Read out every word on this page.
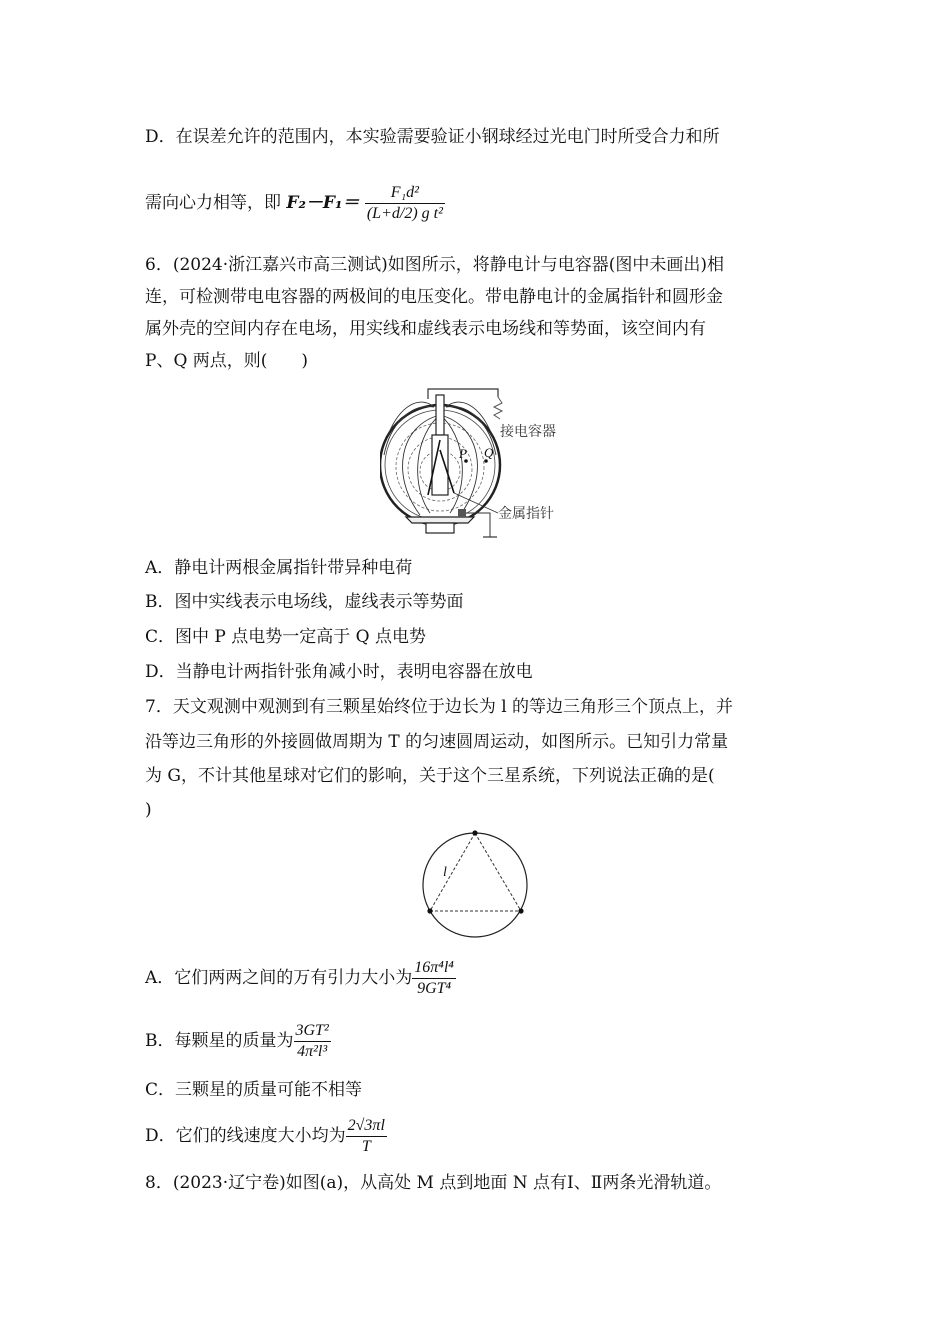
D．在误差允许的范围内，本实验需要验证小钢球经过光电门时所受合力和所
需向心力相等，即 $F_2-F_1= \frac{\text{F₁d²}}{\text{(L+d/2) g t²}}$
6．(2024·浙江嘉兴市高三测试)如图所示，将静电计与电容器(图中未画出)相
连，可检测带电电容器的两极间的电压变化。带电静电计的金属指针和圆形金
属外壳的空间内存在电场，用实线和虚线表示电场线和等势面，该空间内有
P、Q 两点，则(　　)
接电容器
P Q
金属指针
A．静电计两根金属指针带异种电荷
B．图中实线表示电场线，虚线表示等势面
C．图中 P 点电势一定高于 Q 点电势
D．当静电计两指针张角减小时，表明电容器在放电
7．天文观测中观测到有三颗星始终位于边长为 l 的等边三角形三个顶点上，并
沿等边三角形的外接圆做周期为 T 的匀速圆周运动，如图所示。已知引力常量
为 G，不计其他星球对它们的影响，关于这个三星系统，下列说法正确的是(
)
l
A．它们两两之间的万有引力大小为 $\frac{\text{16π⁴l⁴}}{\text{9GT⁴}}$
B．每颗星的质量为 $\frac{\text{3GT²}}{\text{4π²l³}}$
C．三颗星的质量可能不相等
D．它们的线速度大小均为 $\frac{2√3\pi l}{T}$
8．(2023·辽宁卷)如图(a)，从高处 M 点到地面 N 点有Ⅰ、Ⅱ两条光滑轨道。
